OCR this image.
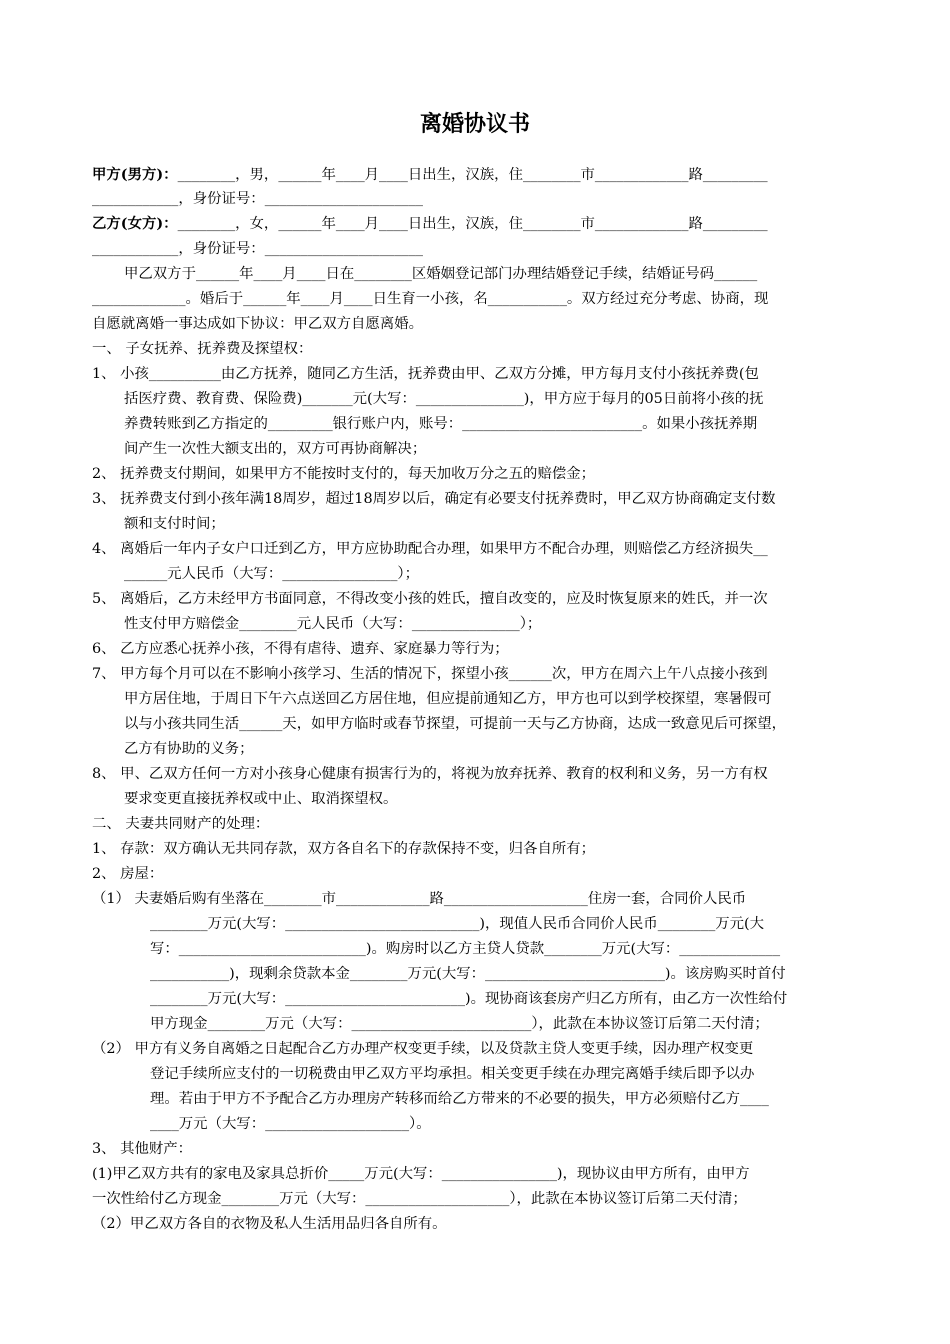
离婚协议书
甲方(男方)：________，男，______年____月____日出生，汉族，住________市_____________路_________
____________，身份证号：______________________
乙方(女方)：________，女，______年____月____日出生，汉族，住________市_____________路_________
____________，身份证号：______________________
甲乙双方于______年____月____日在________区婚姻登记部门办理结婚登记手续，结婚证号码______
_____________。婚后于______年____月____日生育一小孩，名___________。双方经过充分考虑、协商，现
自愿就离婚一事达成如下协议：甲乙双方自愿离婚。
一、 子女抚养、抚养费及探望权：
1、 小孩__________由乙方抚养，随同乙方生活，抚养费由甲、乙双方分摊，甲方每月支付小孩抚养费(包
括医疗费、教育费、保险费)_______元(大写：_______________)，甲方应于每月的05日前将小孩的抚
养费转账到乙方指定的_________银行账户内，账号：_________________________。如果小孩抚养期
间产生一次性大额支出的，双方可再协商解决；
2、 抚养费支付期间，如果甲方不能按时支付的，每天加收万分之五的赔偿金；
3、 抚养费支付到小孩年满18周岁，超过18周岁以后，确定有必要支付抚养费时，甲乙双方协商确定支付数
额和支付时间；
4、 离婚后一年内子女户口迁到乙方，甲方应协助配合办理，如果甲方不配合办理，则赔偿乙方经济损失__
______元人民币（大写：________________）；
5、 离婚后，乙方未经甲方书面同意，不得改变小孩的姓氏，擅自改变的，应及时恢复原来的姓氏，并一次
性支付甲方赔偿金________元人民币（大写：_______________）；
6、 乙方应悉心抚养小孩，不得有虐待、遗弃、家庭暴力等行为；
7、 甲方每个月可以在不影响小孩学习、生活的情况下，探望小孩______次，甲方在周六上午八点接小孩到
甲方居住地，于周日下午六点送回乙方居住地，但应提前通知乙方，甲方也可以到学校探望，寒暑假可
以与小孩共同生活______天，如甲方临时或春节探望，可提前一天与乙方协商，达成一致意见后可探望，
乙方有协助的义务；
8、 甲、乙双方任何一方对小孩身心健康有损害行为的，将视为放弃抚养、教育的权利和义务，另一方有权
要求变更直接抚养权或中止、取消探望权。
二、 夫妻共同财产的处理：
1、 存款：双方确认无共同存款，双方各自名下的存款保持不变，归各自所有；
2、 房屋：
（1） 夫妻婚后购有坐落在________市_____________路____________________住房一套，合同价人民币
________万元(大写：___________________________)，现值人民币合同价人民币________万元(大
写：__________________________)。购房时以乙方主贷人贷款________万元(大写：______________
___________)，现剩余贷款本金________万元(大写：_________________________)。该房购买时首付
________万元(大写：_________________________)。现协商该套房产归乙方所有，由乙方一次性给付
甲方现金________万元（大写：_________________________），此款在本协议签订后第二天付清；
（2） 甲方有义务自离婚之日起配合乙方办理产权变更手续，以及贷款主贷人变更手续，因办理产权变更
登记手续所应支付的一切税费由甲乙双方平均承担。相关变更手续在办理完离婚手续后即予以办
理。若由于甲方不予配合乙方办理房产转移而给乙方带来的不必要的损失，甲方必须赔付乙方____
____万元（大写：____________________）。
3、 其他财产：
(1)甲乙双方共有的家电及家具总折价_____万元(大写：________________)，现协议由甲方所有，由甲方
一次性给付乙方现金________万元（大写：____________________），此款在本协议签订后第二天付清；
（2）甲乙双方各自的衣物及私人生活用品归各自所有。
